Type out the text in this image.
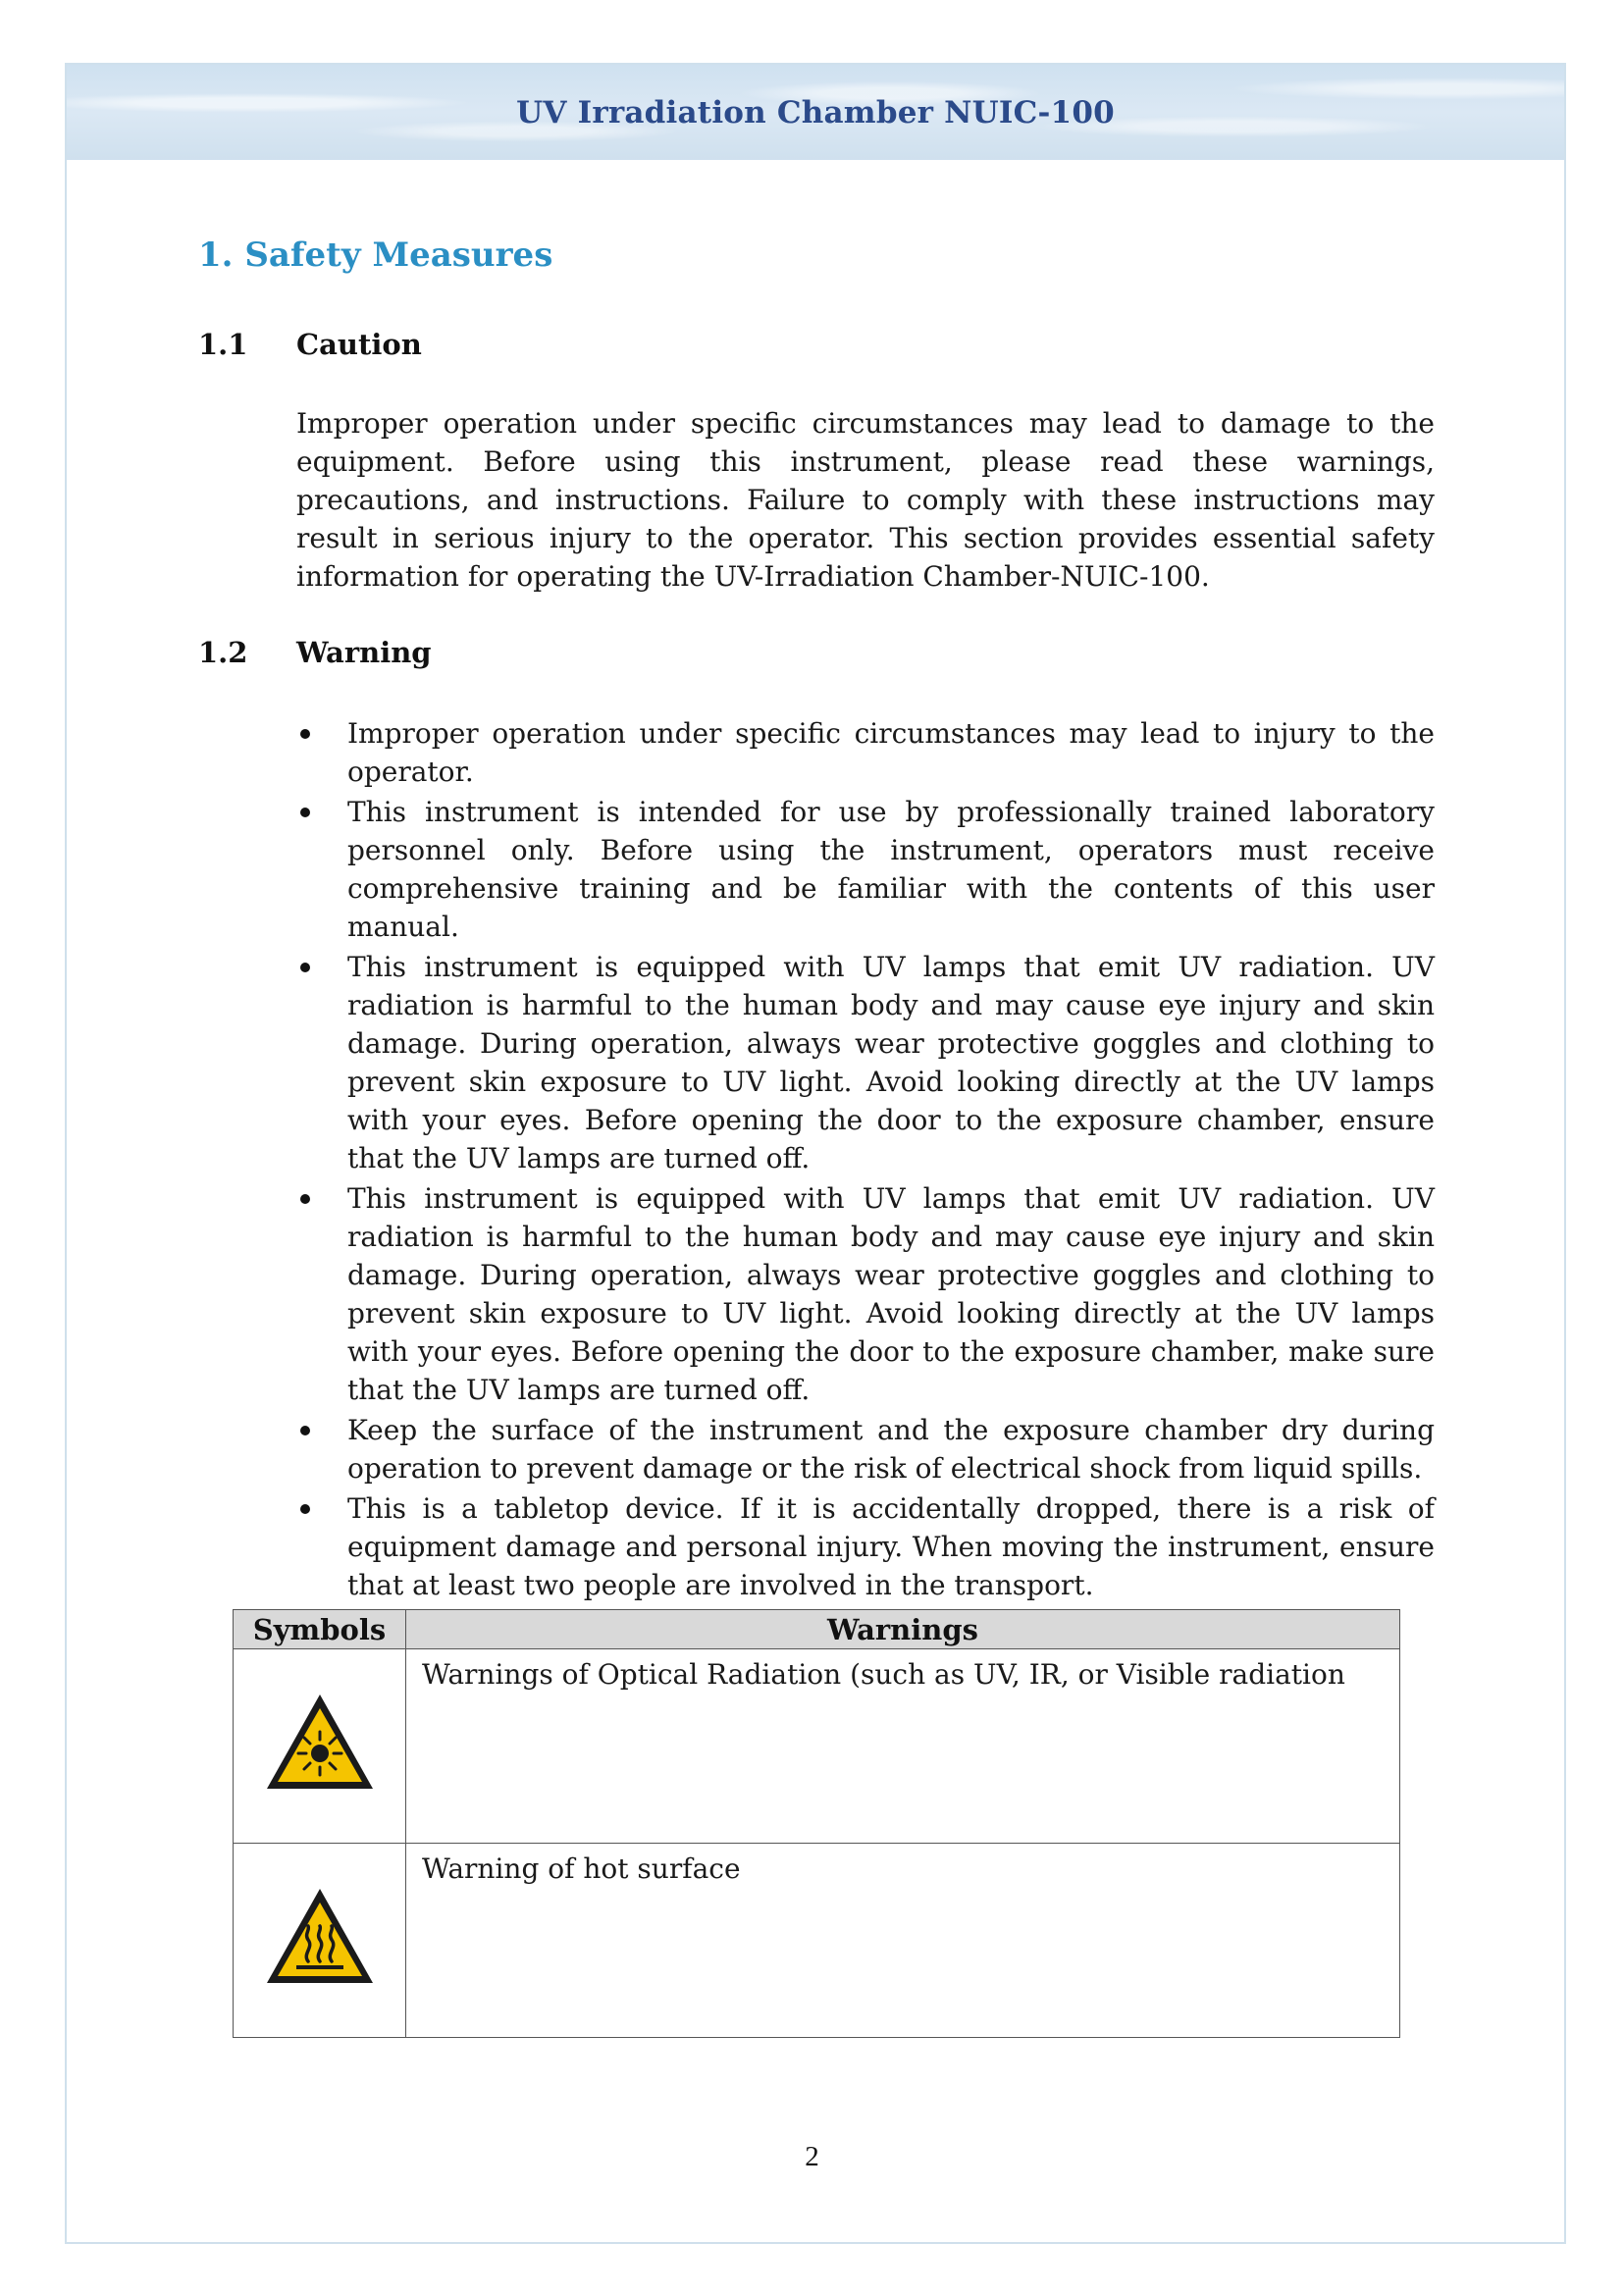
UV Irradiation Chamber NUIC-100
1. Safety Measures
1.1 Caution

Improper operation under specific circumstances may lead to damage to the equipment. Before using this instrument, please read these warnings, precautions, and instructions. Failure to comply with these instructions may result in serious injury to the operator. This section provides essential safety information for operating the UV-Irradiation Chamber-NUIC-100.

1.2 Warning
Improper operation under specific circumstances may lead to injury to the operator.
This instrument is intended for use by professionally trained laboratory personnel only. Before using the instrument, operators must receive comprehensive training and be familiar with the contents of this user manual.
This instrument is equipped with UV lamps that emit UV radiation. UV radiation is harmful to the human body and may cause eye injury and skin damage. During operation, always wear protective goggles and clothing to prevent skin exposure to UV light. Avoid looking directly at the UV lamps with your eyes. Before opening the door to the exposure chamber, ensure that the UV lamps are turned off.
This instrument is equipped with UV lamps that emit UV radiation. UV radiation is harmful to the human body and may cause eye injury and skin damage. During operation, always wear protective goggles and clothing to prevent skin exposure to UV light. Avoid looking directly at the UV lamps with your eyes. Before opening the door to the exposure chamber, make sure that the UV lamps are turned off.
Keep the surface of the instrument and the exposure chamber dry during operation to prevent damage or the risk of electrical shock from liquid spills.
This is a tabletop device. If it is accidentally dropped, there is a risk of equipment damage and personal injury. When moving the instrument, ensure that at least two people are involved in the transport.
Symbols	Warnings
	Warnings of Optical Radiation (such as UV, IR, or Visible radiation
	Warning of hot surface
2
